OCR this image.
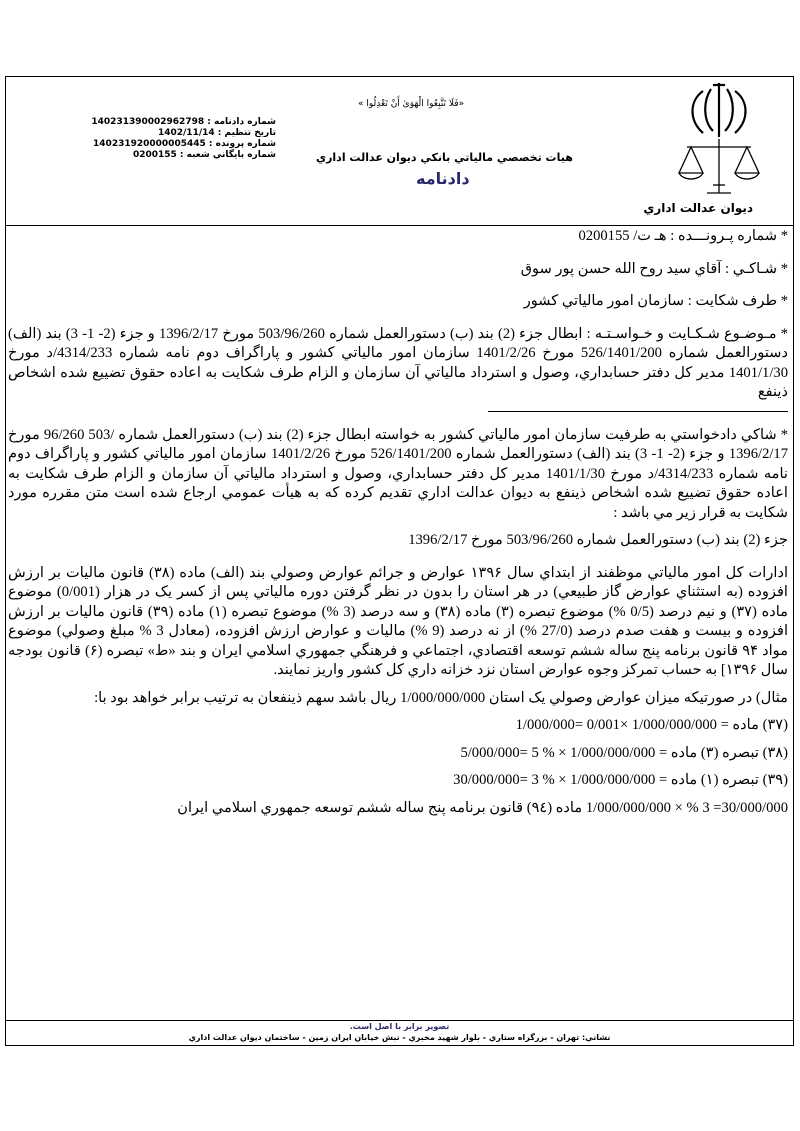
ديوان عدالت اداري
«فَلَا تَتَّبِعُوا الْهَوَىٰ أَنْ تَعْدِلُوا »
هيات تخصصي مالياتي بانكي ديوان عدالت اداري
دادنامه
شماره دادنامه : 140231390002962798
تاريخ تنظيم : 1402/11/14
شماره پرونده : 140231920000005445
شماره بايگاني شعبه : 0200155

* شماره پـرونـــده : هـ ت/ 0200155

* شـاكـي : آقاي سيد روح الله حسن پور سوق

* طرف شكايت : سازمان امور مالياتي كشور

* مـوضـوع شـكـايت و خـواسـتـه : ابطال جزء (2) بند (ب) دستورالعمل شماره 503/96/260 مورخ 1396/2/17 و جزء (2- 1- 3) بند (الف) دستورالعمل شماره 526/1401/200 مورخ 1401/2/26 سازمان امور مالياتي كشور و پاراگراف دوم نامه شماره 4314/233/د مورخ 1401/1/30 مدير كل دفتر حسابداري، وصول و استرداد مالياتي آن سازمان و الزام طرف شكايت به اعاده حقوق تضييع شده اشخاص ذينفع

* شاكي دادخواستي به طرفيت سازمان امور مالياتي كشور به خواسته ابطال جزء (2) بند (ب) دستورالعمل شماره /503 96/260 مورخ 1396/2/17 و جزء (2- 1- 3) بند (الف) دستورالعمل شماره 526/1401/200 مورخ 1401/2/26 سازمان امور مالياتي كشور و پاراگراف دوم نامه شماره 4314/233/د مورخ 1401/1/30 مدير كل دفتر حسابداري، وصول و استرداد مالياتي آن سازمان و الزام طرف شكايت به اعاده حقوق تضييع شده اشخاص ذينفع به ديوان عدالت اداري تقديم كرده كه به هيأت عمومي ارجاع شده است متن مقرره مورد شكايت به قرار زير مي باشد :

جزء (2) بند (ب) دستورالعمل شماره 503/96/260 مورخ 1396/2/17

ادارات كل امور مالياتي موظفند از ابتداي سال ۱۳۹۶ عوارض و جرائم عوارض وصولي بند (الف) ماده (۳۸) قانون ماليات بر ارزش افزوده (به استثناي عوارض گاز طبيعي) در هر استان را بدون در نظر گرفتن دوره مالياتي پس از كسر يک در هزار (0/001) موضوع ماده (۳۷) و نيم درصد (0/5 %) موضوع تبصره (۳) ماده (۳۸) و سه درصد (3 %) موضوع تبصره (۱) ماده (۳۹) قانون ماليات بر ارزش افزوده و بيست و هفت صدم درصد (27/0 %) از نه درصد (9 %) ماليات و عوارض ارزش افزوده، (معادل 3 % مبلغ وصولي) موضوع مواد ۹۴ قانون برنامه پنج ساله ششم توسعه اقتصادي، اجتماعي و فرهنگي جمهوري اسلامي ايران و بند «ط» تبصره (۶) قانون بودجه سال ۱۳۹۶] به حساب تمركز وجوه عوارض استان نزد خزانه داري كل كشور واريز نمايند.

مثال) در صورتيكه ميزان عوارض وصولي يک استان 1/000/000/000 ريال باشد سهم ذينفعان به ترتيب برابر خواهد بود با:

(۳۷) ماده = 1/000/000/000 ×0/001 =1/000/000

(۳۸) تبصره (۳) ماده = 1/000/000/000 × % 5 =5/000/000

(۳۹) تبصره (۱) ماده = 1/000/000/000 × % 3 =30/000/000

30/000/000= 3 % × 1/000/000/000 ماده (۹٤) قانون برنامه پنج ساله ششم توسعه جمهوري اسلامي ايران

تصوير برابر با اصل است.
نشاني: تهران - بزرگراه ستاري - بلوار شهيد مخبري - نبش خيابان ايران زمين - ساختمان ديوان عدالت اداري
